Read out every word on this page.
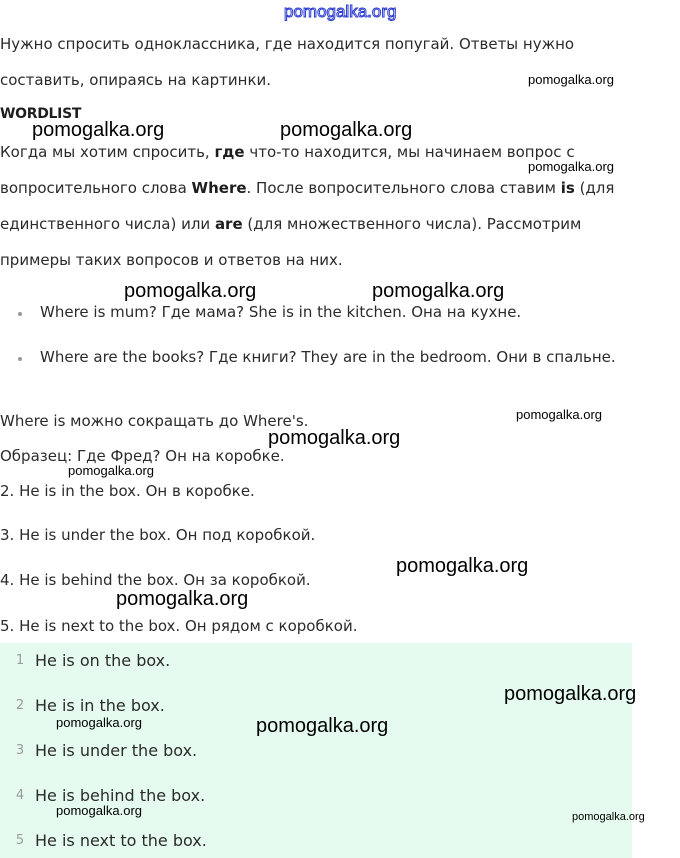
pomogalka.org
Нужно спросить одноклассника, где находится попугай. Ответы нужно
составить, опираясь на картинки.
WORDLIST
Когда мы хотим спросить, где что-то находится, мы начинаем вопрос с
вопросительного слова Where. После вопросительного слова ставим is (для
единственного числа) или are (для множественного числа). Рассмотрим
примеры таких вопросов и ответов на них.
Where is mum? Где мама? She is in the kitchen. Она на кухне.
Where are the books? Где книги? They are in the bedroom. Они в спальне.
Where is можно сокращать до Where's.
Образец: Где Фред? Он на коробке.
2. He is in the box. Он в коробке.
3. He is under the box. Он под коробкой.
4. He is behind the box. Он за коробкой.
5. He is next to the box. Он рядом с коробкой.
1 He is on the box.
2 He is in the box.
3 He is under the box.
4 He is behind the box.
5 He is next to the box.
pomogalka.org
pomogalka.org	pomogalka.org
pomogalka.org
pomogalka.org	pomogalka.org
pomogalka.org
pomogalka.org
pomogalka.org
pomogalka.org
pomogalka.org
pomogalka.org
pomogalka.org	pomogalka.org
pomogalka.org	pomogalka.org
